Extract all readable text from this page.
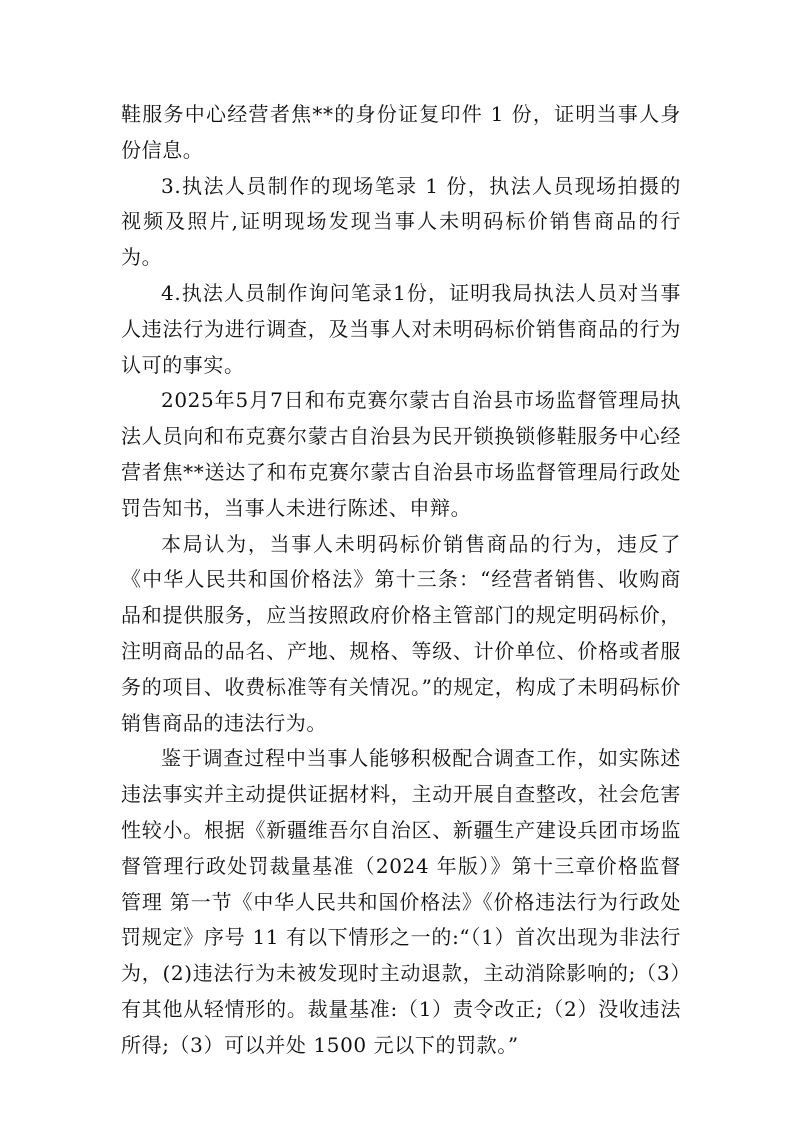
鞋服务中心经营者焦**的身份证复印件 1 份，证明当事人身份信息。

3.执法人员制作的现场笔录 1 份，执法人员现场拍摄的视频及照片,证明现场发现当事人未明码标价销售商品的行为。

4.执法人员制作询问笔录1份，证明我局执法人员对当事人违法行为进行调查，及当事人对未明码标价销售商品的行为认可的事实。

2025年5月7日和布克赛尔蒙古自治县市场监督管理局执法人员向和布克赛尔蒙古自治县为民开锁换锁修鞋服务中心经营者焦**送达了和布克赛尔蒙古自治县市场监督管理局行政处罚告知书，当事人未进行陈述、申辩。

本局认为，当事人未明码标价销售商品的行为，违反了《中华人民共和国价格法》第十三条：“经营者销售、收购商品和提供服务，应当按照政府价格主管部门的规定明码标价，注明商品的品名、产地、规格、等级、计价单位、价格或者服务的项目、收费标准等有关情况。”的规定，构成了未明码标价销售商品的违法行为。

鉴于调查过程中当事人能够积极配合调查工作，如实陈述违法事实并主动提供证据材料，主动开展自查整改，社会危害性较小。根据《新疆维吾尔自治区、新疆生产建设兵团市场监督管理行政处罚裁量基准（2024 年版）》第十三章价格监督管理 第一节《中华人民共和国价格法》《价格违法行为行政处罚规定》序号 11 有以下情形之一的:“（1）首次出现为非法行为，(2)违法行为未被发现时主动退款，主动消除影响的;（3）有其他从轻情形的。裁量基准:（1）责令改正;（2）没收违法所得;（3）可以并处 1500 元以下的罚款。”
